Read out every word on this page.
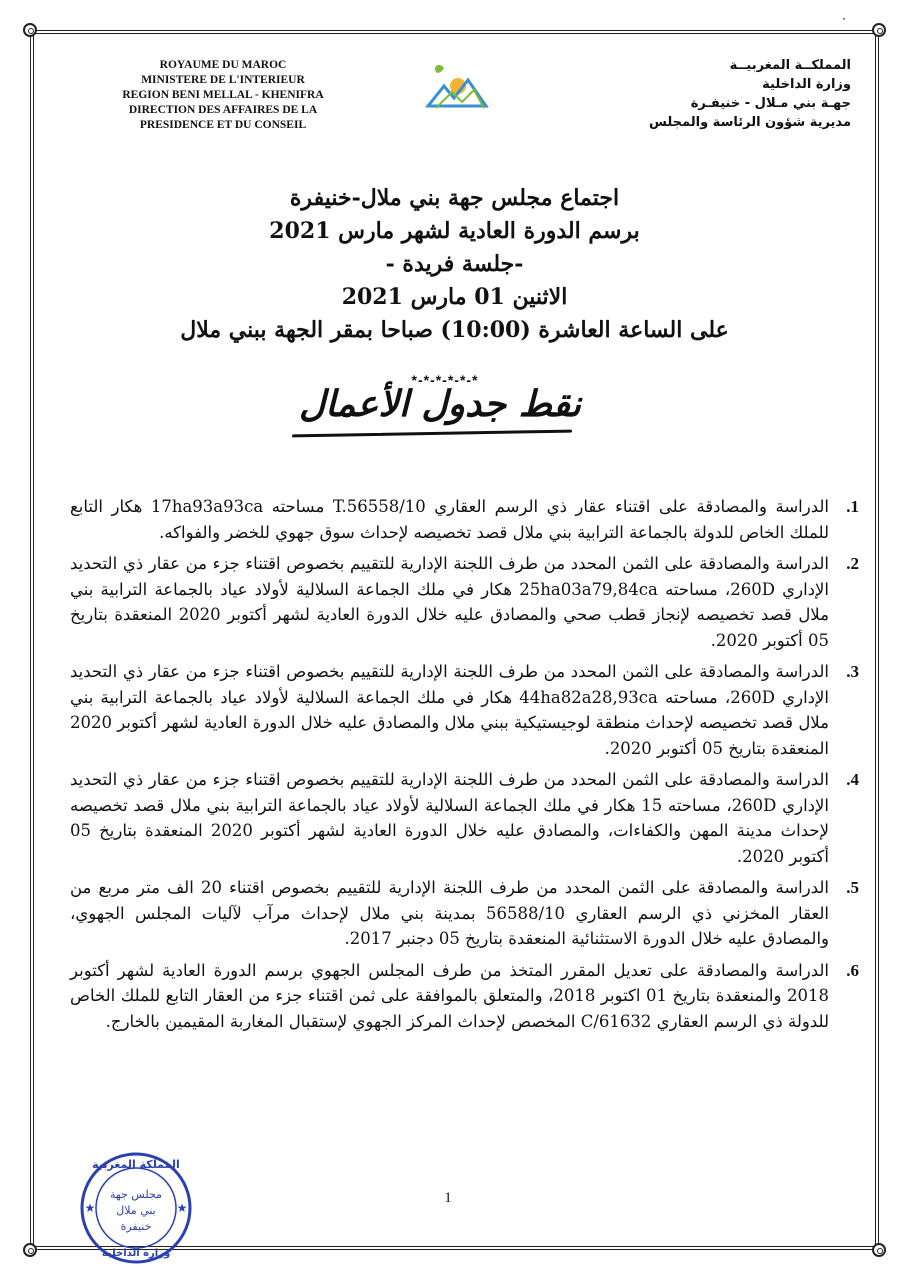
·
ROYAUME DU MAROC
MINISTERE DE L'INTERIEUR
REGION BENI MELLAL - KHENIFRA
DIRECTION DES AFFAIRES DE LA
PRESIDENCE ET DU CONSEIL
المملكــة المغربيــة
وزارة الداخلية
جهـة بني مـلال - خنيفـرة
مديرية شؤون الرئاسة والمجلس
اجتماع مجلس جهة بني ملال-خنيفرة
برسم الدورة العادية لشهر مارس 2021
-جلسة فريدة -
الاثنين 01 مارس 2021
على الساعة العاشرة (10:00) صباحا بمقر الجهة ببني ملال
*-*-*-*-*-*
نقط جدول الأعمال
.1
الدراسة والمصادقة على اقتناء عقار ذي الرسم العقاري T.56558/10 مساحته 17ha93a93ca هكار التابع للملك الخاص للدولة بالجماعة الترابية بني ملال قصد تخصيصه لإحداث سوق جهوي للخضر والفواكه.
.2
الدراسة والمصادقة على الثمن المحدد من طرف اللجنة الإدارية للتقييم بخصوص اقتناء جزء من عقار ذي التحديد الإداري 260D، مساحته 25ha03a79,84ca هكار في ملك الجماعة السلالية لأولاد عياد بالجماعة الترابية بني ملال قصد تخصيصه لإنجاز قطب صحي والمصادق عليه خلال الدورة العادية لشهر أكتوبر 2020 المنعقدة بتاريخ 05 أكتوبر 2020.
.3
الدراسة والمصادقة على الثمن المحدد من طرف اللجنة الإدارية للتقييم بخصوص اقتناء جزء من عقار ذي التحديد الإداري 260D، مساحته 44ha82a28,93ca هكار في ملك الجماعة السلالية لأولاد عياد بالجماعة الترابية بني ملال قصد تخصيصه لإحداث منطقة لوجيستيكية ببني ملال والمصادق عليه خلال الدورة العادية لشهر أكتوبر 2020 المنعقدة بتاريخ 05 أكتوبر 2020.
.4
الدراسة والمصادقة على الثمن المحدد من طرف اللجنة الإدارية للتقييم بخصوص اقتناء جزء من عقار ذي التحديد الإداري 260D، مساحته 15 هكار في ملك الجماعة السلالية لأولاد عياد بالجماعة الترابية بني ملال قصد تخصيصه لإحداث مدينة المهن والكفاءات، والمصادق عليه خلال الدورة العادية لشهر أكتوبر 2020 المنعقدة بتاريخ 05 أكتوبر 2020.
.5
الدراسة والمصادقة على الثمن المحدد من طرف اللجنة الإدارية للتقييم بخصوص اقتناء 20 الف متر مربع من العقار المخزني ذي الرسم العقاري 56588/10 بمدينة بني ملال لإحداث مرآب لآليات المجلس الجهوي، والمصادق عليه خلال الدورة الاستثنائية المنعقدة بتاريخ 05 دجنبر 2017.
.6
الدراسة والمصادقة على تعديل المقرر المتخذ من طرف المجلس الجهوي برسم الدورة العادية لشهر أكتوبر 2018 والمنعقدة بتاريخ 01 اكتوبر 2018، والمتعلق بالموافقة على ثمن اقتناء جزء من العقار التابع للملك الخاص للدولة ذي الرسم العقاري C/61632 المخصص لإحداث المركز الجهوي لإستقبال المغاربة المقيمين بالخارج.
1
المملكة المغربية
مجلس جهة
بني ملال
خنيفرة
وزارة الداخلية
★	★
